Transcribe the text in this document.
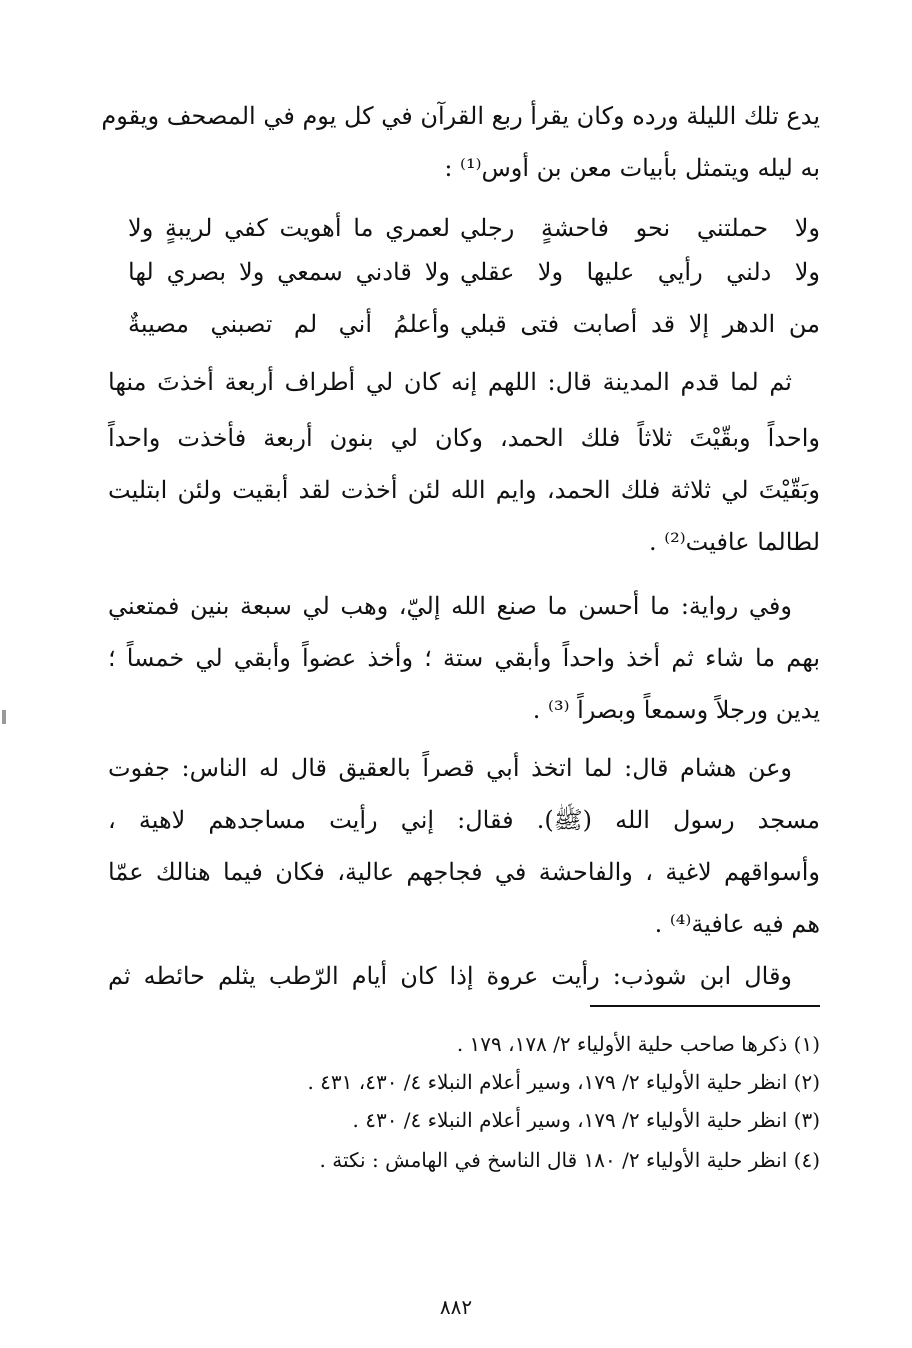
يدع تلك الليلة ورده وكان يقرأ ربع القرآن في كل يوم في المصحف ويقوم
به ليله ويتمثل بأبيات معن بن أوس⁽¹⁾ :
لعمري ما أهويت كفي لريبةٍ ولا ولا حملتني نحو فاحشةٍ رجلي
ولا قادني سمعي ولا بصري لها ولا دلني رأيي عليها ولا عقلي
وأعلمُ أني لم تصبني مصيبةٌ من الدهر إلا قد أصابت فتى قبلي
ثم لما قدم المدينة قال: اللهم إنه كان لي أطراف أربعة أخذتَ منها
واحداً وبقّيْتَ ثلاثاً فلك الحمد، وكان لي بنون أربعة فأخذت واحداً
وبَقّيْتَ لي ثلاثة فلك الحمد، وايم الله لئن أخذت لقد أبقيت ولئن ابتليت
لطالما عافيت⁽²⁾ .
وفي رواية: ما أحسن ما صنع الله إليّ، وهب لي سبعة بنين فمتعني
بهم ما شاء ثم أخذ واحداً وأبقي ستة ؛ وأخذ عضواً وأبقي لي خمساً ؛
يدين ورجلاً وسمعاً وبصراً ⁽³⁾ .
وعن هشام قال: لما اتخذ أبي قصراً بالعقيق قال له الناس: جفوت
مسجد رسول الله (ﷺ). فقال: إني رأيت مساجدهم لاهية ،
وأسواقهم لاغية ، والفاحشة في فجاجهم عالية، فكان فيما هنالك عمّا
هم فيه عافية⁽⁴⁾ .
وقال ابن شوذب: رأيت عروة إذا كان أيام الرّطب يثلم حائطه ثم
(١) ذكرها صاحب حلية الأولياء ٢/ ١٧٨، ١٧٩ .
(٢) انظر حلية الأولياء ٢/ ١٧٩، وسير أعلام النبلاء ٤/ ٤٣٠، ٤٣١ .
(٣) انظر حلية الأولياء ٢/ ١٧٩، وسير أعلام النبلاء ٤/ ٤٣٠ .
(٤) انظر حلية الأولياء ٢/ ١٨٠ قال الناسخ في الهامش : نكتة .
٨٨٢
